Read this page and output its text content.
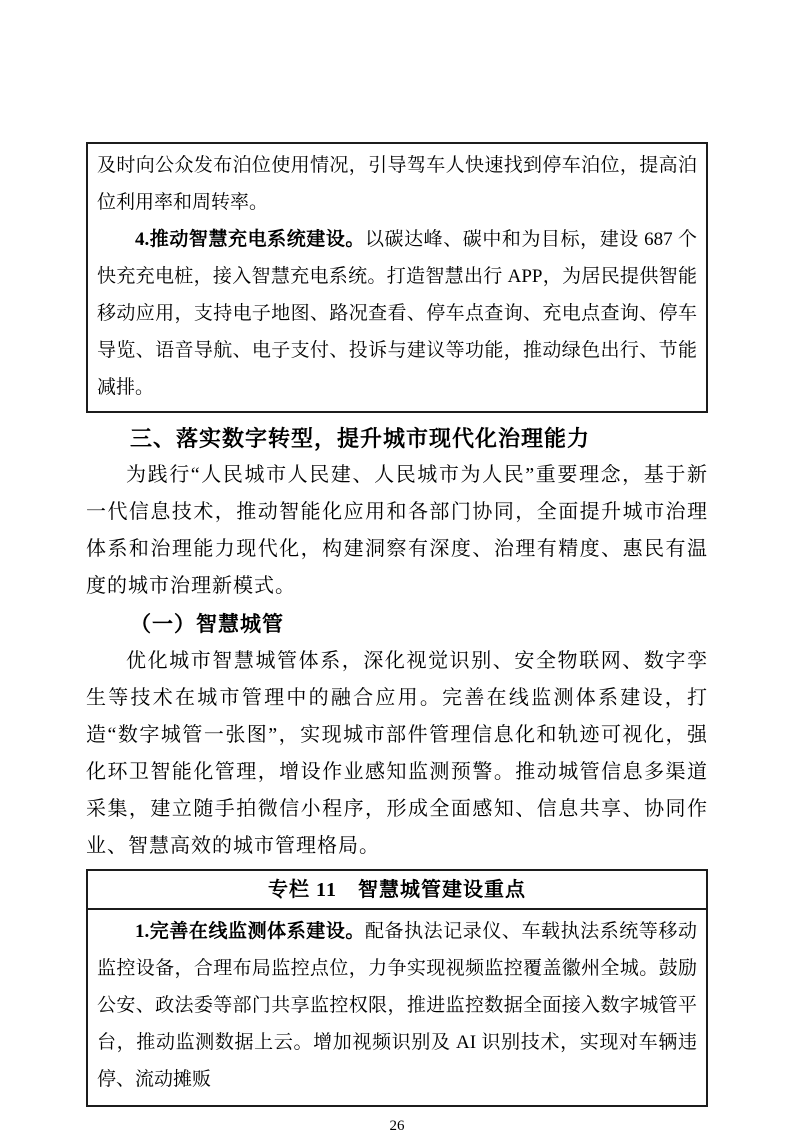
及时向公众发布泊位使用情况，引导驾车人快速找到停车泊位，提高泊位利用率和周转率。

4.推动智慧充电系统建设。以碳达峰、碳中和为目标，建设 687 个快充充电桩，接入智慧充电系统。打造智慧出行 APP，为居民提供智能移动应用，支持电子地图、路况查看、停车点查询、充电点查询、停车导览、语音导航、电子支付、投诉与建议等功能，推动绿色出行、节能减排。

三、落实数字转型，提升城市现代化治理能力

为践行“人民城市人民建、人民城市为人民”重要理念，基于新一代信息技术，推动智能化应用和各部门协同，全面提升城市治理体系和治理能力现代化，构建洞察有深度、治理有精度、惠民有温度的城市治理新模式。

（一）智慧城管

优化城市智慧城管体系，深化视觉识别、安全物联网、数字孪生等技术在城市管理中的融合应用。完善在线监测体系建设，打造“数字城管一张图”，实现城市部件管理信息化和轨迹可视化，强化环卫智能化管理，增设作业感知监测预警。推动城管信息多渠道采集，建立随手拍微信小程序，形成全面感知、信息共享、协同作业、智慧高效的城市管理格局。

专栏 11　智慧城管建设重点

1.完善在线监测体系建设。配备执法记录仪、车载执法系统等移动监控设备，合理布局监控点位，力争实现视频监控覆盖徽州全城。鼓励公安、政法委等部门共享监控权限，推进监控数据全面接入数字城管平台，推动监测数据上云。增加视频识别及 AI 识别技术，实现对车辆违停、流动摊贩

26
